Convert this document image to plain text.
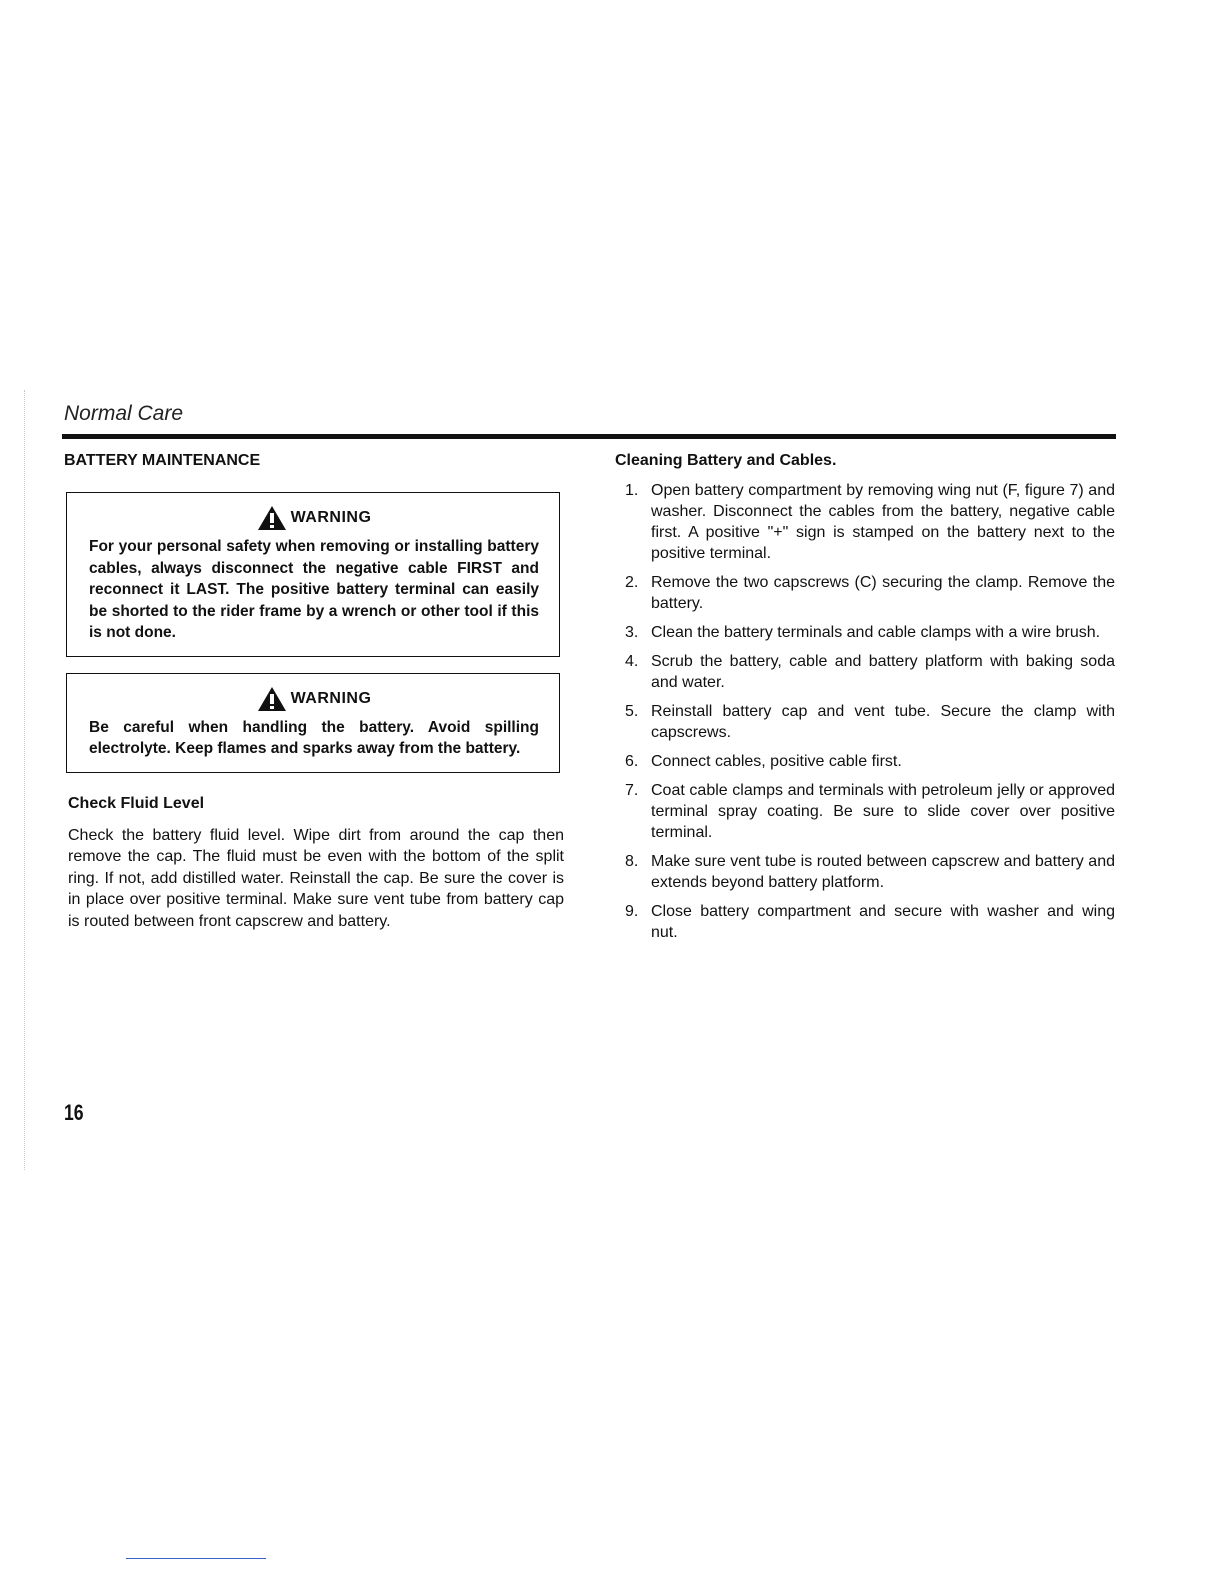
Normal Care
BATTERY MAINTENANCE
WARNING
For your personal safety when removing or installing battery cables, always disconnect the negative cable FIRST and reconnect it LAST. The positive battery terminal can easily be shorted to the rider frame by a wrench or other tool if this is not done.
WARNING
Be careful when handling the battery. Avoid spilling electrolyte. Keep flames and sparks away from the battery.
Check Fluid Level
Check the battery fluid level. Wipe dirt from around the cap then remove the cap. The fluid must be even with the bottom of the split ring. If not, add distilled water. Reinstall the cap. Be sure the cover is in place over positive terminal. Make sure vent tube from battery cap is routed between front capscrew and battery.
Cleaning Battery and Cables.
1. Open battery compartment by removing wing nut (F, figure 7) and washer. Disconnect the cables from the battery, negative cable first. A positive "+" sign is stamped on the battery next to the positive terminal.
2. Remove the two capscrews (C) securing the clamp. Remove the battery.
3. Clean the battery terminals and cable clamps with a wire brush.
4. Scrub the battery, cable and battery platform with baking soda and water.
5. Reinstall battery cap and vent tube. Secure the clamp with capscrews.
6. Connect cables, positive cable first.
7. Coat cable clamps and terminals with petroleum jelly or approved terminal spray coating. Be sure to slide cover over positive terminal.
8. Make sure vent tube is routed between capscrew and battery and extends beyond battery platform.
9. Close battery compartment and secure with washer and wing nut.
16
